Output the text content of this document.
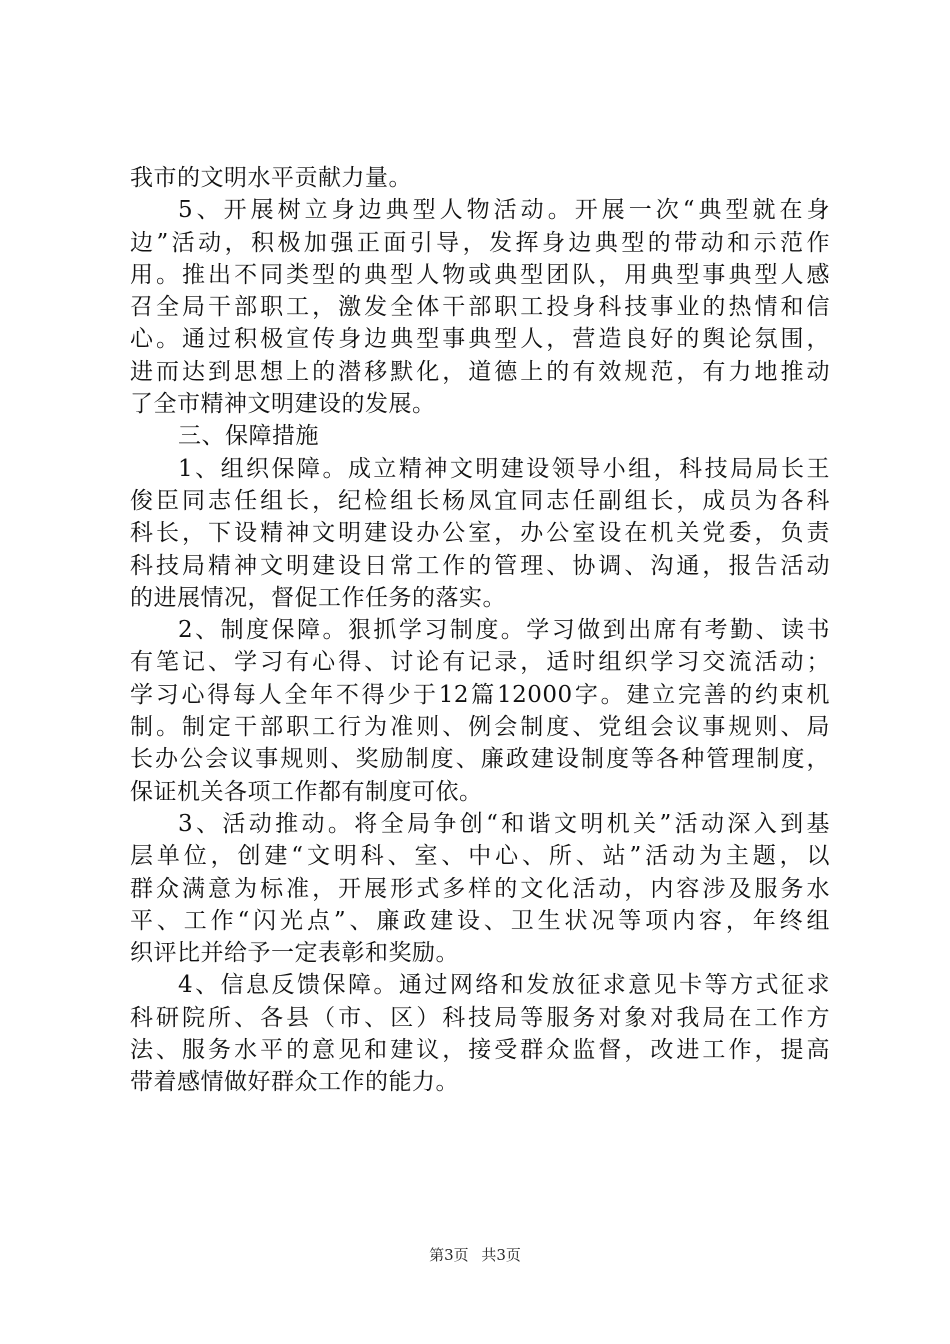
我市的文明水平贡献力量。
5、开展树立身边典型人物活动。开展一次“典型就在身
边”活动，积极加强正面引导，发挥身边典型的带动和示范作
用。推出不同类型的典型人物或典型团队，用典型事典型人感
召全局干部职工，激发全体干部职工投身科技事业的热情和信
心。通过积极宣传身边典型事典型人，营造良好的舆论氛围，
进而达到思想上的潜移默化，道德上的有效规范，有力地推动
了全市精神文明建设的发展。
三、保障措施
1、组织保障。成立精神文明建设领导小组，科技局局长王
俊臣同志任组长，纪检组长杨凤宜同志任副组长，成员为各科
科长，下设精神文明建设办公室，办公室设在机关党委，负责
科技局精神文明建设日常工作的管理、协调、沟通，报告活动
的进展情况，督促工作任务的落实。
2、制度保障。狠抓学习制度。学习做到出席有考勤、读书
有笔记、学习有心得、讨论有记录，适时组织学习交流活动；
学习心得每人全年不得少于12篇12000字。建立完善的约束机
制。制定干部职工行为准则、例会制度、党组会议事规则、局
长办公会议事规则、奖励制度、廉政建设制度等各种管理制度，
保证机关各项工作都有制度可依。
3、活动推动。将全局争创“和谐文明机关”活动深入到基
层单位，创建“文明科、室、中心、所、站”活动为主题，以
群众满意为标准，开展形式多样的文化活动，内容涉及服务水
平、工作“闪光点”、廉政建设、卫生状况等项内容，年终组
织评比并给予一定表彰和奖励。
4、信息反馈保障。通过网络和发放征求意见卡等方式征求
科研院所、各县（市、区）科技局等服务对象对我局在工作方
法、服务水平的意见和建议，接受群众监督，改进工作，提高
带着感情做好群众工作的能力。
第3页 共3页
